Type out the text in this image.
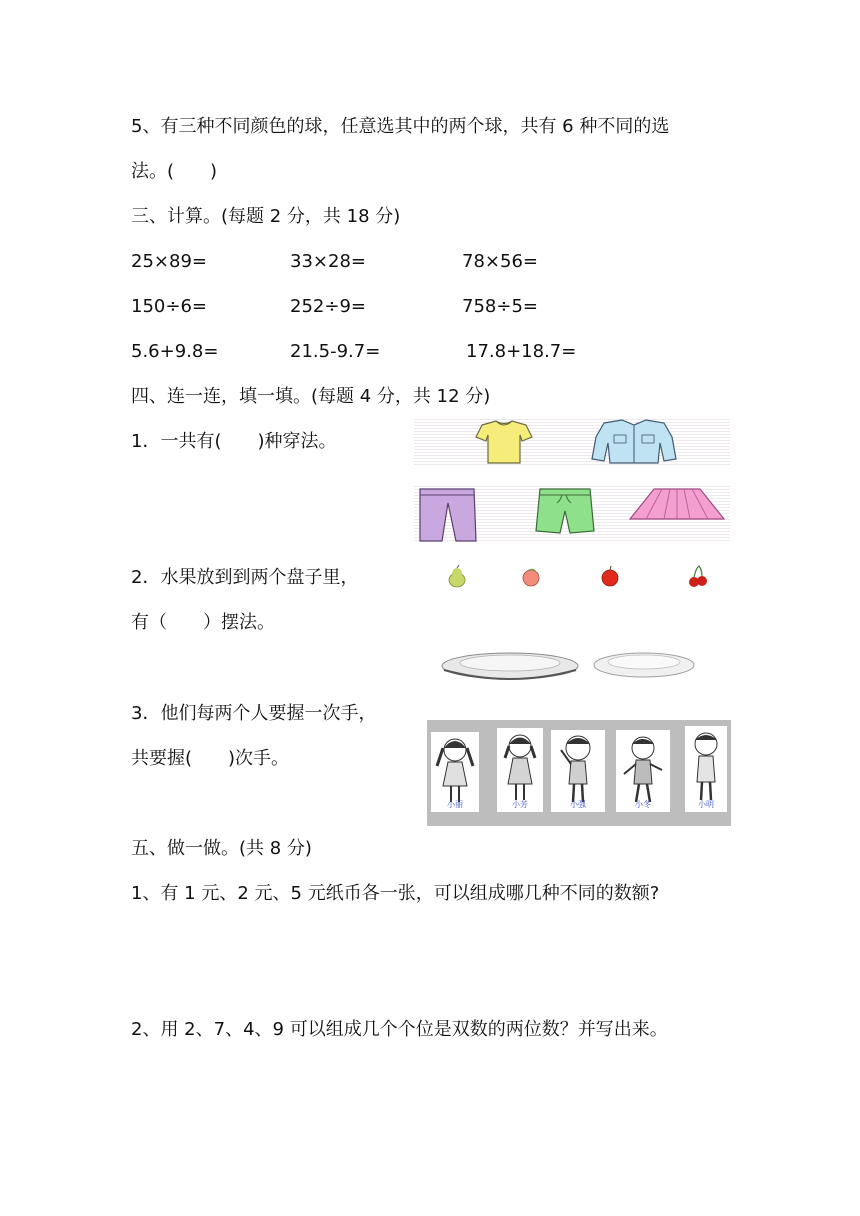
5、有三种不同颜色的球，任意选其中的两个球，共有 6 种不同的选
法。(　　)
三、计算。(每题 2 分，共 18 分)
25×89=	33×28=	78×56=
150÷6=	252÷9=	758÷5=
5.6+9.8=	21.5-9.7=	17.8+18.7=
四、连一连，填一填。(每题 4 分，共 12 分)
1．一共有(　　)种穿法。
2．水果放到到两个盘子里，
有（　　）摆法。
3．他们每两个人要握一次手，
共要握(　　)次手。
小丽	小芳	小强	小冬	小明
五、做一做。(共 8 分)
1、有 1 元、2 元、5 元纸币各一张，可以组成哪几种不同的数额?
2、用 2、7、4、9 可以组成几个个位是双数的两位数？并写出来。
